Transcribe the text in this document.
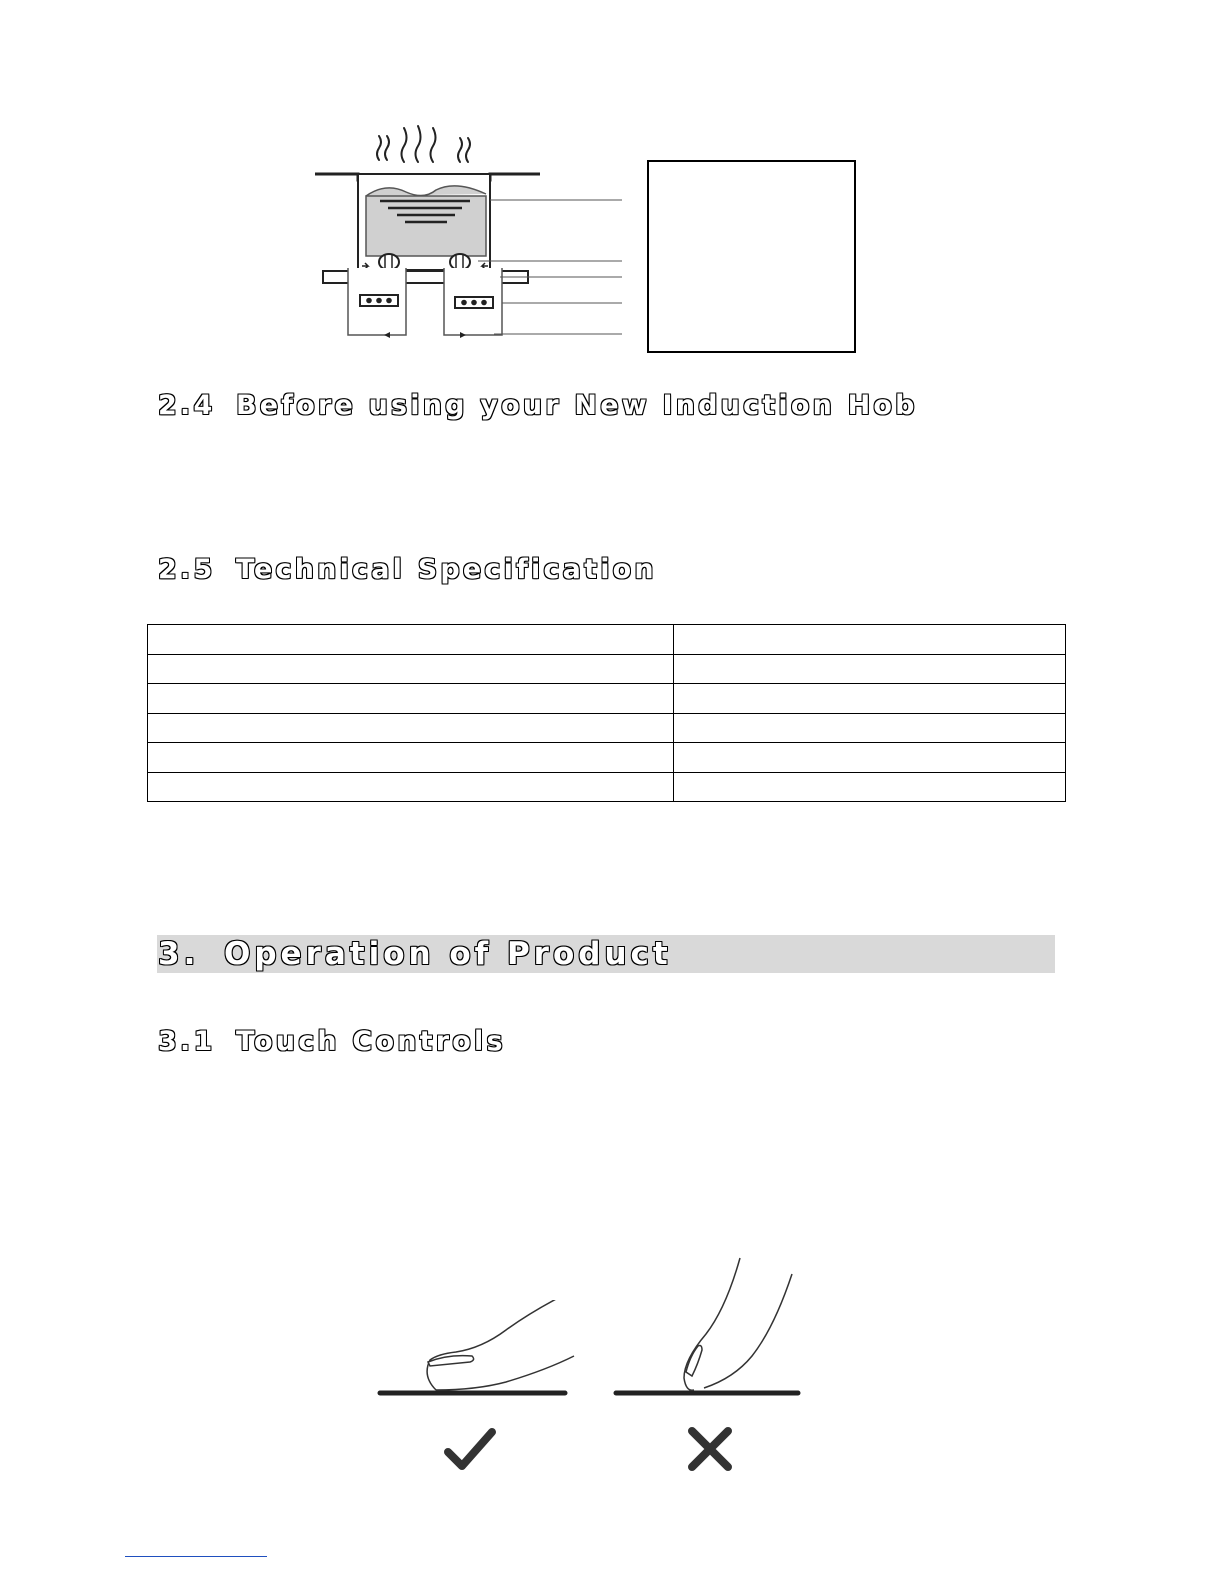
2.4 Before using your New Induction Hob
2.5 Technical Specification

3. Operation of Product
3.1 Touch Controls
